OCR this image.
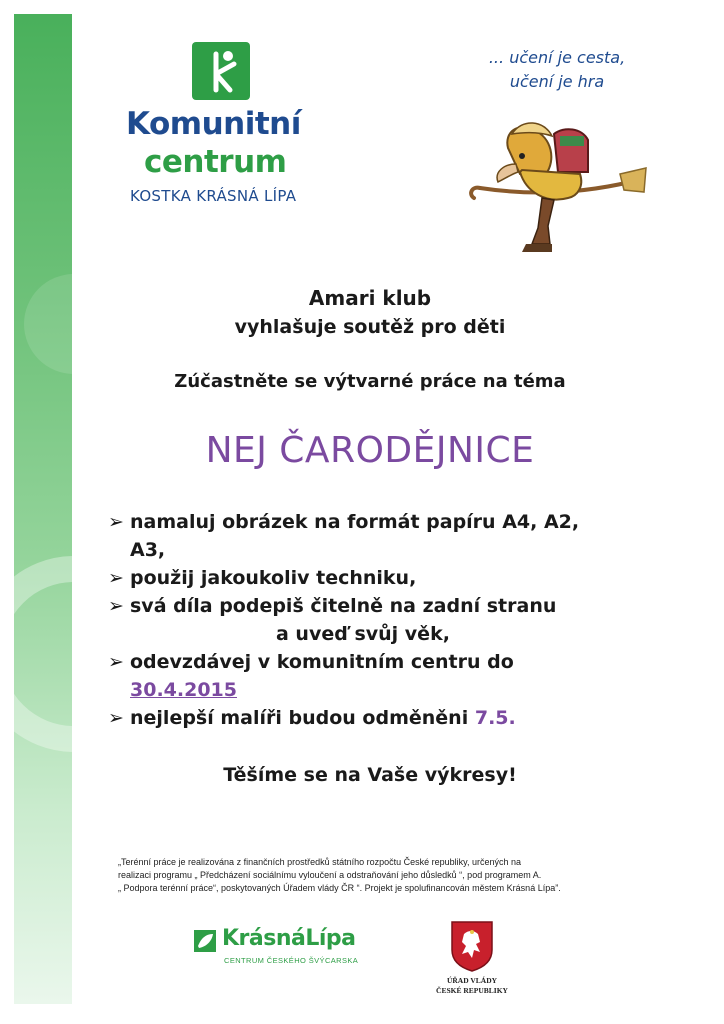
Komunitní
centrum
KOSTKA KRÁSNÁ LÍPA
... učení je cesta,
učení je hra
Amari klub
vyhlašuje soutěž pro děti
Zúčastněte se výtvarné práce na téma
NEJ ČARODĚJNICE
➢ namaluj obrázek na formát papíru A4, A2,
A3,
➢ použij jakoukoliv techniku,
➢ svá díla podepiš čitelně na zadní stranu
a uveď svůj věk,
➢ odevzdávej v komunitním centru do
30.4.2015
➢ nejlepší malíři budou odměněni 7.5.
Těšíme se na Vaše výkresy!
„Terénní práce je realizována z finančních prostředků státního rozpočtu České republiky, určených na
realizaci programu „ Předcházení sociálnímu vyloučení a odstraňování jeho důsledků “, pod programem A.
„ Podpora terénní práce“, poskytovaných Úřadem vlády ČR “. Projekt je spolufinancován městem Krásná Lípa”.
KrásnáLípa
CENTRUM ČESKÉHO ŠVÝCARSKA
ÚŘAD VLÁDY
ČESKÉ REPUBLIKY
